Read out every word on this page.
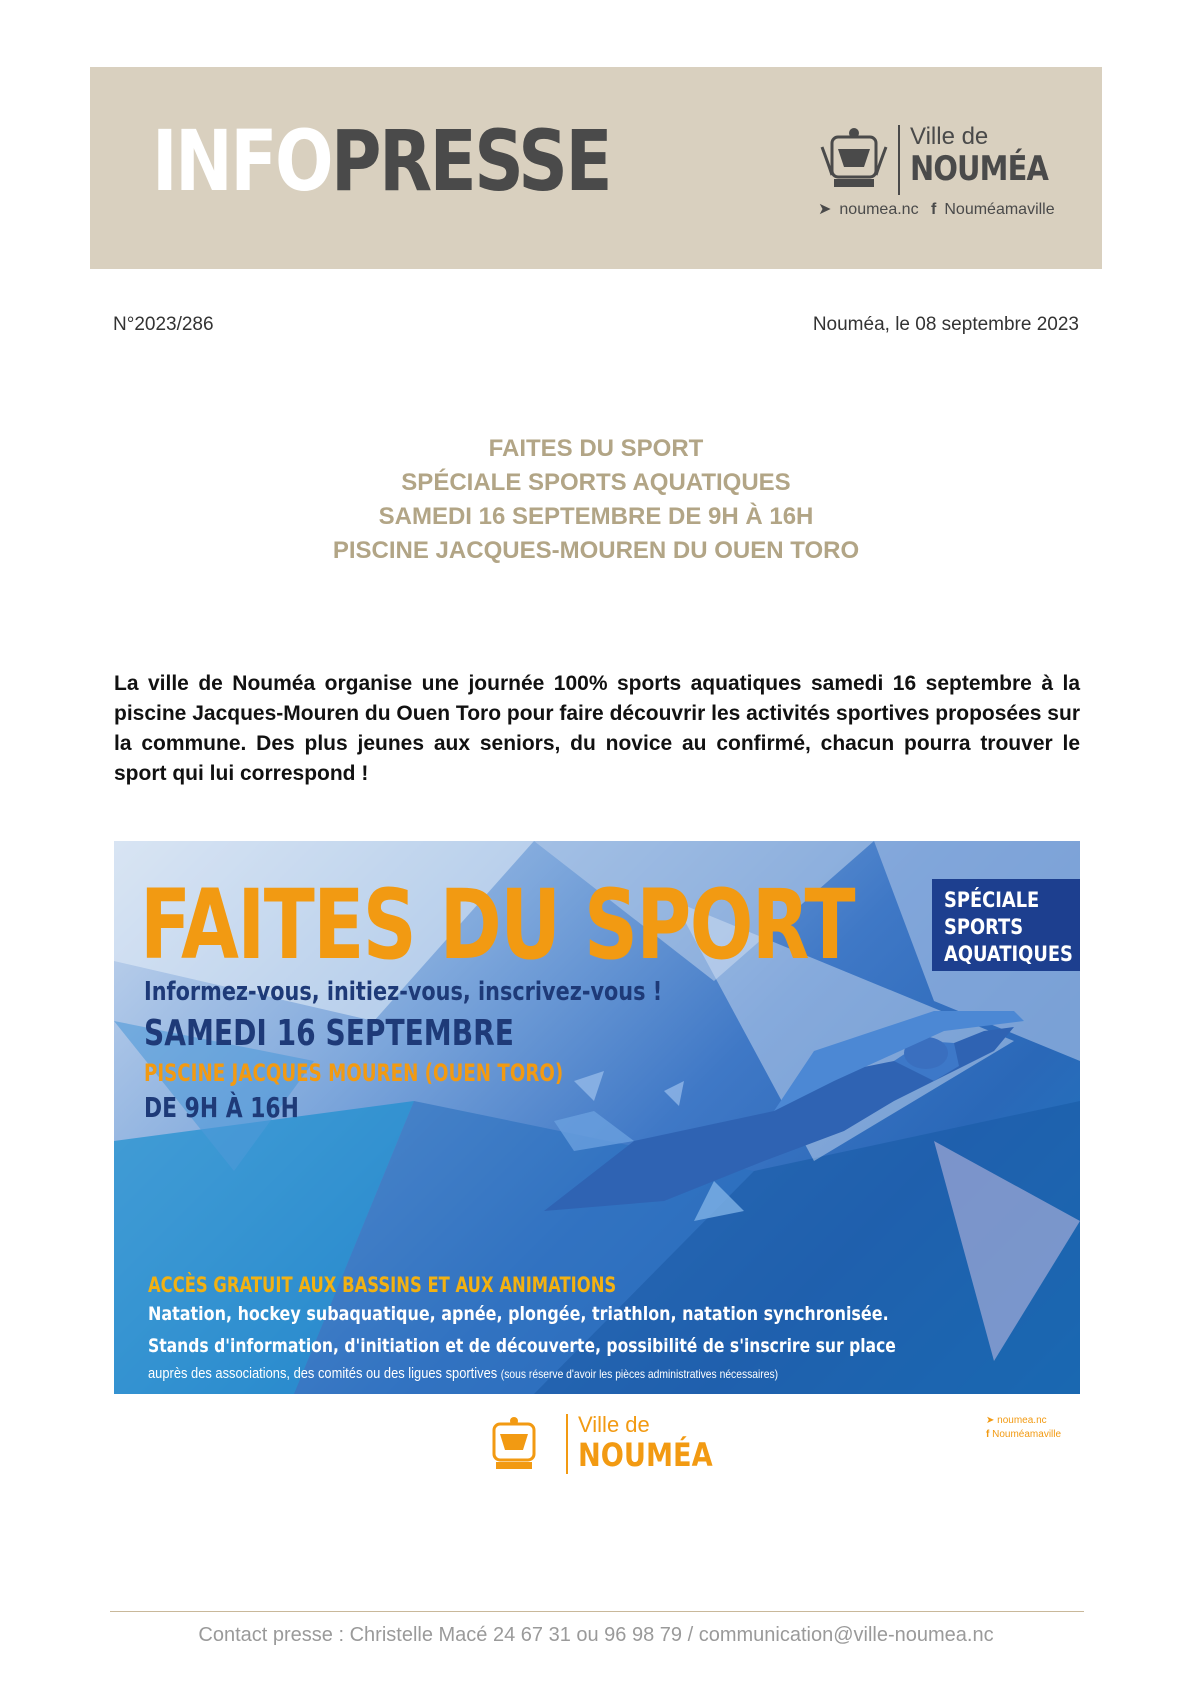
INFOPRESSE	Ville de
NOUMÉA
➤ noumea.nc f Nouméamaville
N°2023/286	Nouméa, le 08 septembre 2023
FAITES DU SPORT
SPÉCIALE SPORTS AQUATIQUES
SAMEDI 16 SEPTEMBRE DE 9H À 16H
PISCINE JACQUES-MOUREN DU OUEN TORO

La ville de Nouméa organise une journée 100% sports aquatiques samedi 16 septembre à la piscine Jacques-Mouren du Ouen Toro pour faire découvrir les activités sportives proposées sur la commune. Des plus jeunes aux seniors, du novice au confirmé, chacun pourra trouver le sport qui lui correspond !

FAITES DU SPORT	SPÉCIALE
SPORTS
AQUATIQUES
Informez-vous, initiez-vous, inscrivez-vous !
SAMEDI 16 SEPTEMBRE
PISCINE JACQUES MOUREN (OUEN TORO)
DE 9H À 16H
ACCÈS GRATUIT AUX BASSINS ET AUX ANIMATIONS
Natation, hockey subaquatique, apnée, plongée, triathlon, natation synchronisée.
Stands d'information, d'initiation et de découverte, possibilité de s'inscrire sur place
auprès des associations, des comités ou des ligues sportives (sous réserve d'avoir les pièces administratives nécessaires)
Ville de
NOUMÉA
➤ noumea.nc
f Nouméamaville
Contact presse : Christelle Macé 24 67 31 ou 96 98 79 / communication@ville-noumea.nc
